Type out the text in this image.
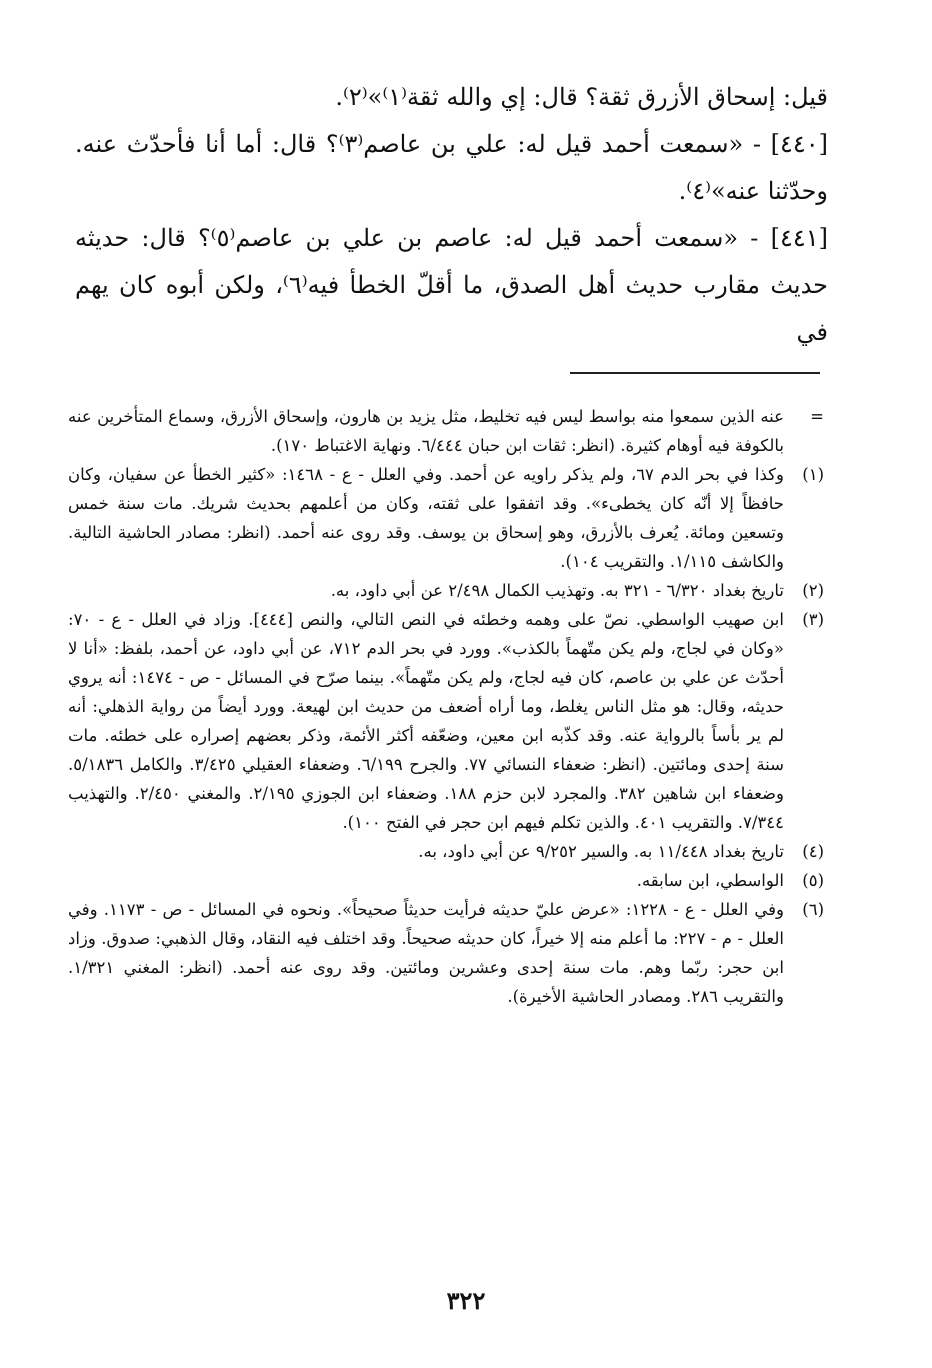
قيل: إسحاق الأزرق ثقة؟ قال: إي والله ثقة⁽١⁾»⁽٢⁾.

[٤٤٠] - «سمعت أحمد قيل له: علي بن عاصم⁽٣⁾؟ قال: أما أنا فأحدّث عنه. وحدّثنا عنه»⁽٤⁾.

[٤٤١] - «سمعت أحمد قيل له: عاصم بن علي بن عاصم⁽٥⁾؟ قال: حديثه حديث مقارب حديث أهل الصدق، ما أقلّ الخطأ فيه⁽٦⁾، ولكن أبوه كان يهم في

=
عنه الذين سمعوا منه بواسط ليس فيه تخليط، مثل يزيد بن هارون، وإسحاق الأزرق، وسماع المتأخرين عنه بالكوفة فيه أوهام كثيرة. (انظر: ثقات ابن حبان ٦/٤٤٤. ونهاية الاغتباط ١٧٠).
(١)
وكذا في بحر الدم ٦٧، ولم يذكر راويه عن أحمد. وفي العلل - ع - ١٤٦٨: «كثير الخطأ عن سفيان، وكان حافظاً إلا أنّه كان يخطىء». وقد اتفقوا على ثقته، وكان من أعلمهم بحديث شريك. مات سنة خمس وتسعين ومائة. يُعرف بالأزرق، وهو إسحاق بن يوسف. وقد روى عنه أحمد. (انظر: مصادر الحاشية التالية. والكاشف ١/١١٥. والتقريب ١٠٤).
(٢)
تاريخ بغداد ٦/٣٢٠ - ٣٢١ به. وتهذيب الكمال ٢/٤٩٨ عن أبي داود، به.
(٣)
ابن صهيب الواسطي. نصّ على وهمه وخطئه في النص التالي، والنص [٤٤٤]. وزاد في العلل - ع - ٧٠: «وكان في لجاج، ولم يكن متّهماً بالكذب». وورد في بحر الدم ٧١٢، عن أبي داود، عن أحمد، بلفظ: «أنا لا أحدّث عن علي بن عاصم، كان فيه لجاج، ولم يكن متّهماً». بينما صرّح في المسائل - ص - ١٤٧٤: أنه يروي حديثه، وقال: هو مثل الناس يغلط، وما أراه أضعف من حديث ابن لهيعة. وورد أيضاً من رواية الذهلي: أنه لم ير بأساً بالرواية عنه. وقد كذّبه ابن معين، وضعّفه أكثر الأئمة، وذكر بعضهم إصراره على خطئه. مات سنة إحدى ومائتين. (انظر: ضعفاء النسائي ٧٧. والجرح ٦/١٩٩. وضعفاء العقيلي ٣/٤٢٥. والكامل ٥/١٨٣٦. وضعفاء ابن شاهين ٣٨٢. والمجرد لابن حزم ١٨٨. وضعفاء ابن الجوزي ٢/١٩٥. والمغني ٢/٤٥٠. والتهذيب ٧/٣٤٤. والتقريب ٤٠١. والذين تكلم فيهم ابن حجر في الفتح ١٠٠).
(٤)
تاريخ بغداد ١١/٤٤٨ به. والسير ٩/٢٥٢ عن أبي داود، به.
(٥)
الواسطي، ابن سابقه.
(٦)
وفي العلل - ع - ١٢٢٨: «عرض عليّ حديثه فرأيت حديثاً صحيحاً». ونحوه في المسائل - ص - ١١٧٣. وفي العلل - م - ٢٢٧: ما أعلم منه إلا خيراً، كان حديثه صحيحاً. وقد اختلف فيه النقاد، وقال الذهبي: صدوق. وزاد ابن حجر: ربّما وهم. مات سنة إحدى وعشرين ومائتين. وقد روى عنه أحمد. (انظر: المغني ١/٣٢١. والتقريب ٢٨٦. ومصادر الحاشية الأخيرة).
٣٢٢
